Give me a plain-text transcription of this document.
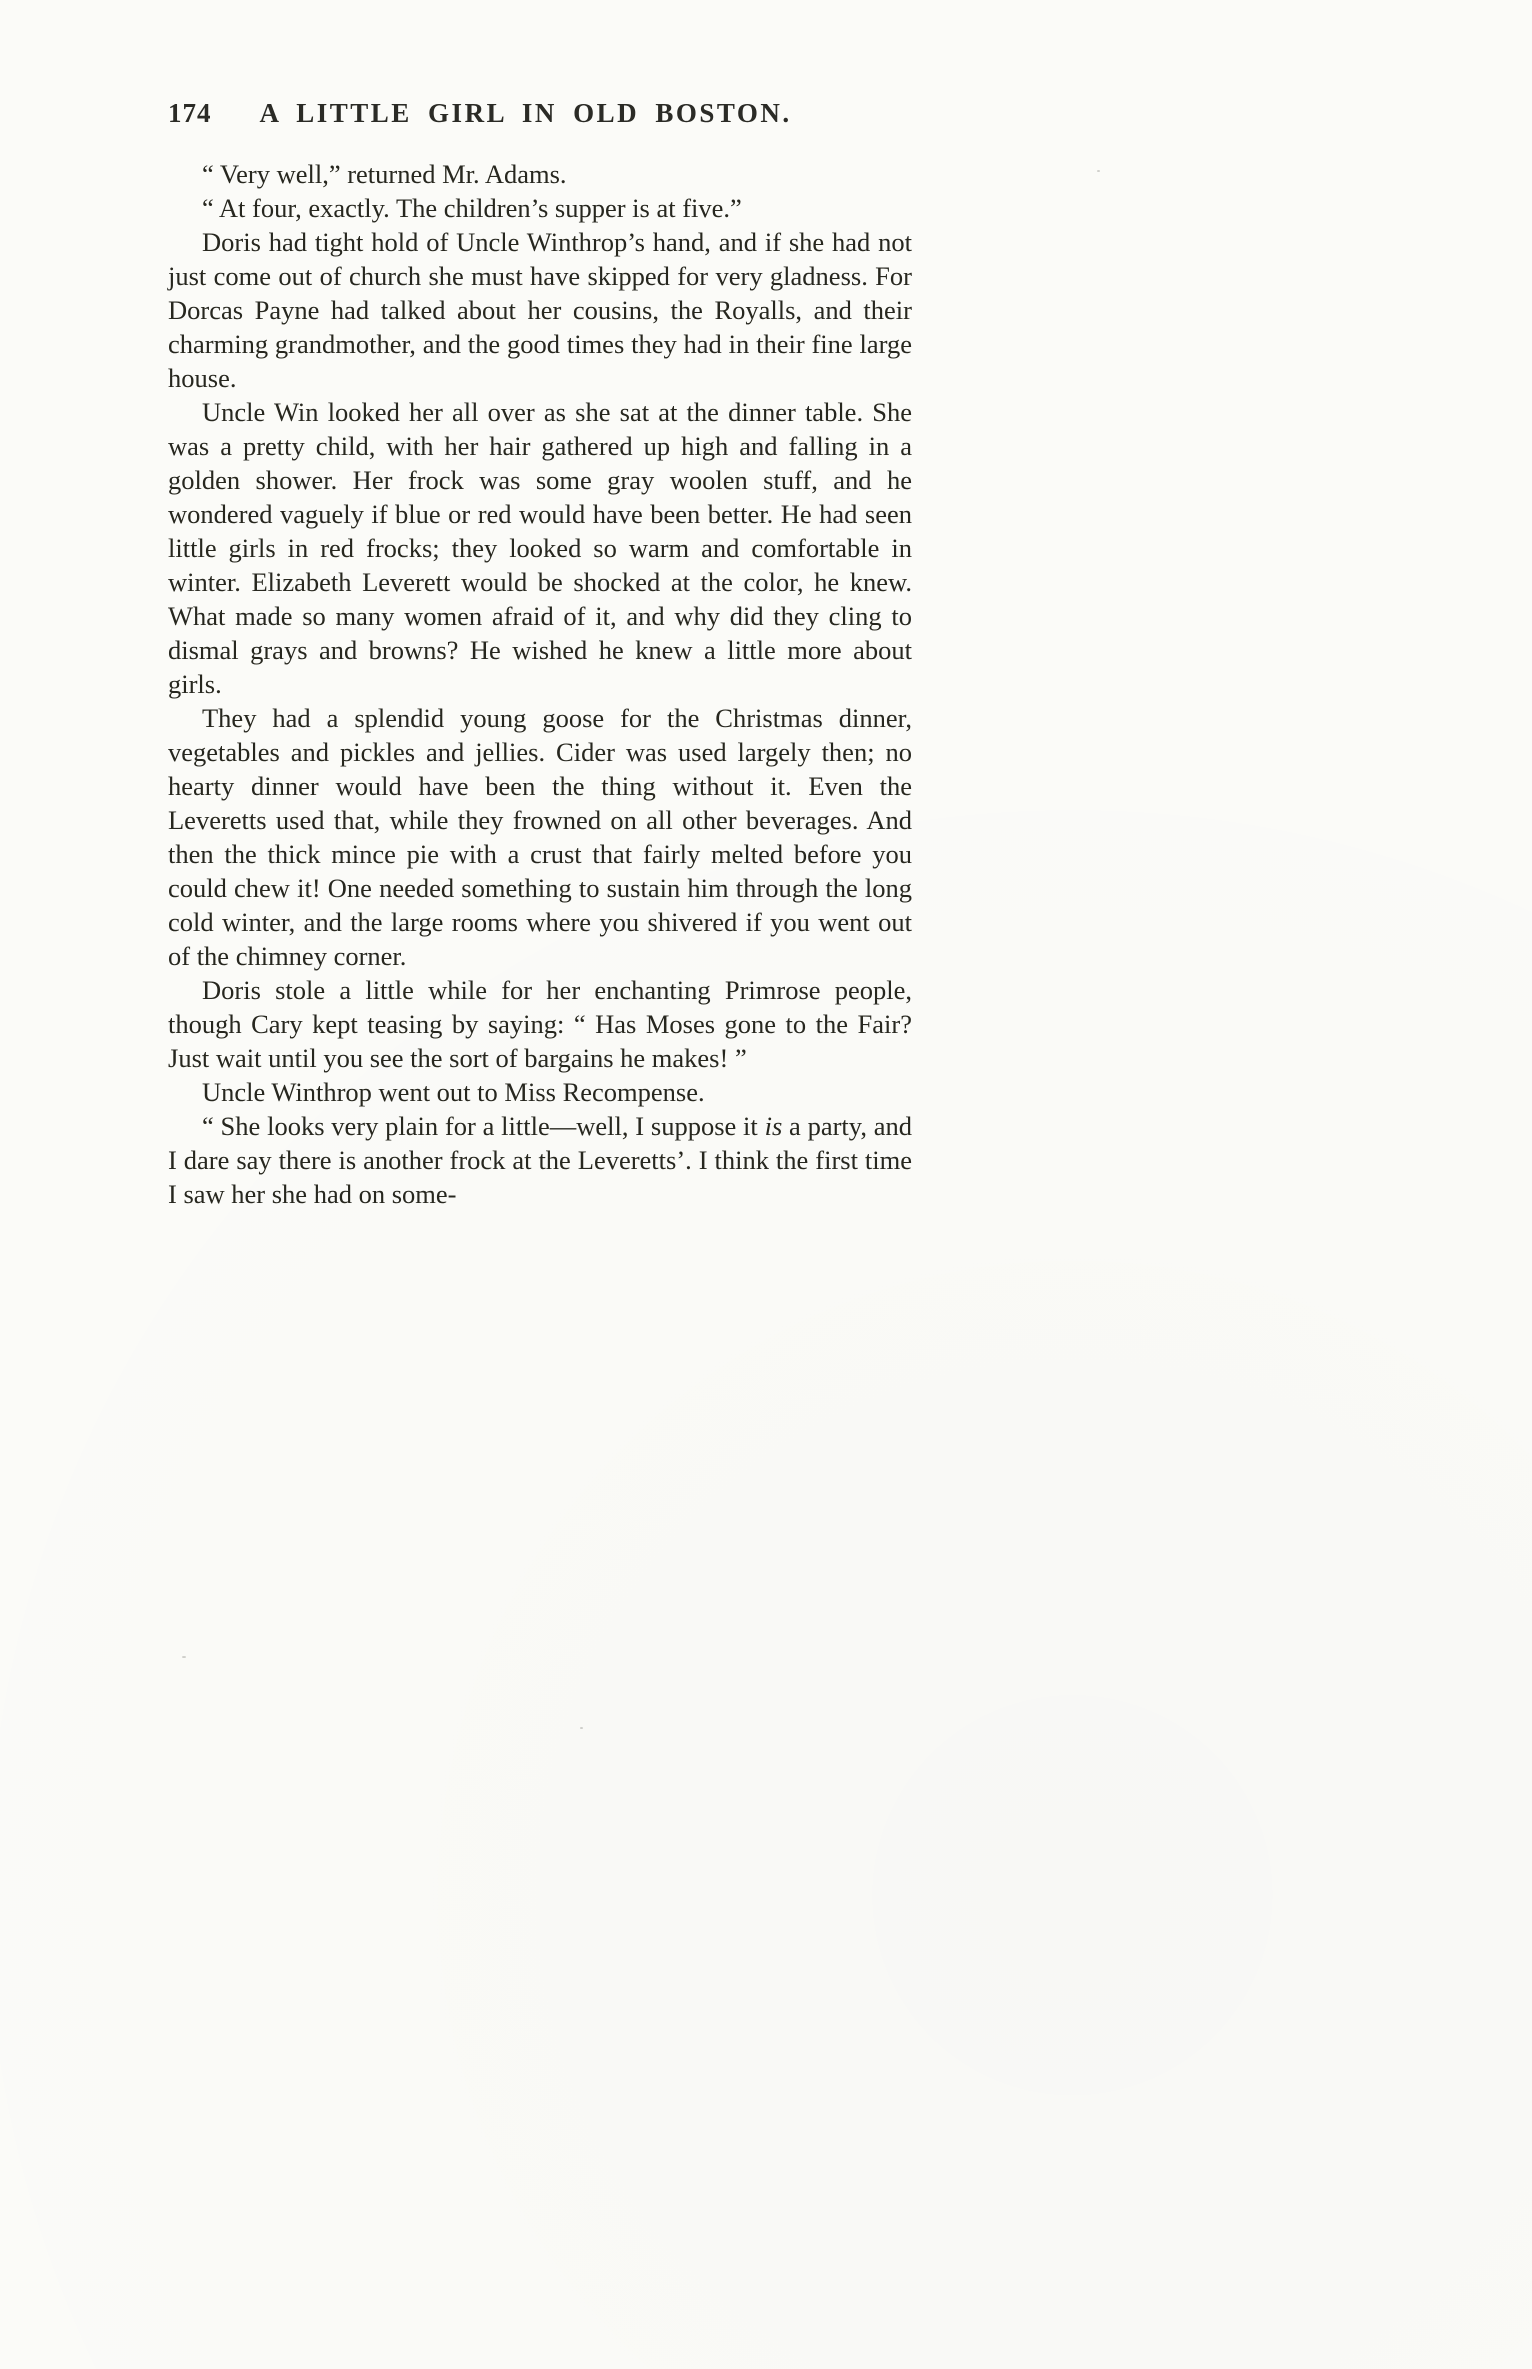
174 A LITTLE GIRL IN OLD BOSTON.

“ Very well,” returned Mr. Adams.

“ At four, exactly. The children’s supper is at five.”

Doris had tight hold of Uncle Winthrop’s hand, and if she had not just come out of church she must have skipped for very gladness. For Dorcas Payne had talked about her cousins, the Royalls, and their charming grandmother, and the good times they had in their fine large house.

Uncle Win looked her all over as she sat at the dinner table. She was a pretty child, with her hair gathered up high and falling in a golden shower. Her frock was some gray woolen stuff, and he wondered vaguely if blue or red would have been better. He had seen little girls in red frocks; they looked so warm and comfortable in winter. Elizabeth Leverett would be shocked at the color, he knew. What made so many women afraid of it, and why did they cling to dismal grays and browns? He wished he knew a little more about girls.

They had a splendid young goose for the Christmas dinner, vegetables and pickles and jellies. Cider was used largely then; no hearty dinner would have been the thing without it. Even the Leveretts used that, while they frowned on all other beverages. And then the thick mince pie with a crust that fairly melted before you could chew it! One needed something to sustain him through the long cold winter, and the large rooms where you shivered if you went out of the chimney corner.

Doris stole a little while for her enchanting Primrose people, though Cary kept teasing by saying: “ Has Moses gone to the Fair? Just wait until you see the sort of bargains he makes! ”

Uncle Winthrop went out to Miss Recompense.

“ She looks very plain for a little—well, I suppose it is a party, and I dare say there is another frock at the Leveretts’. I think the first time I saw her she had on some-
